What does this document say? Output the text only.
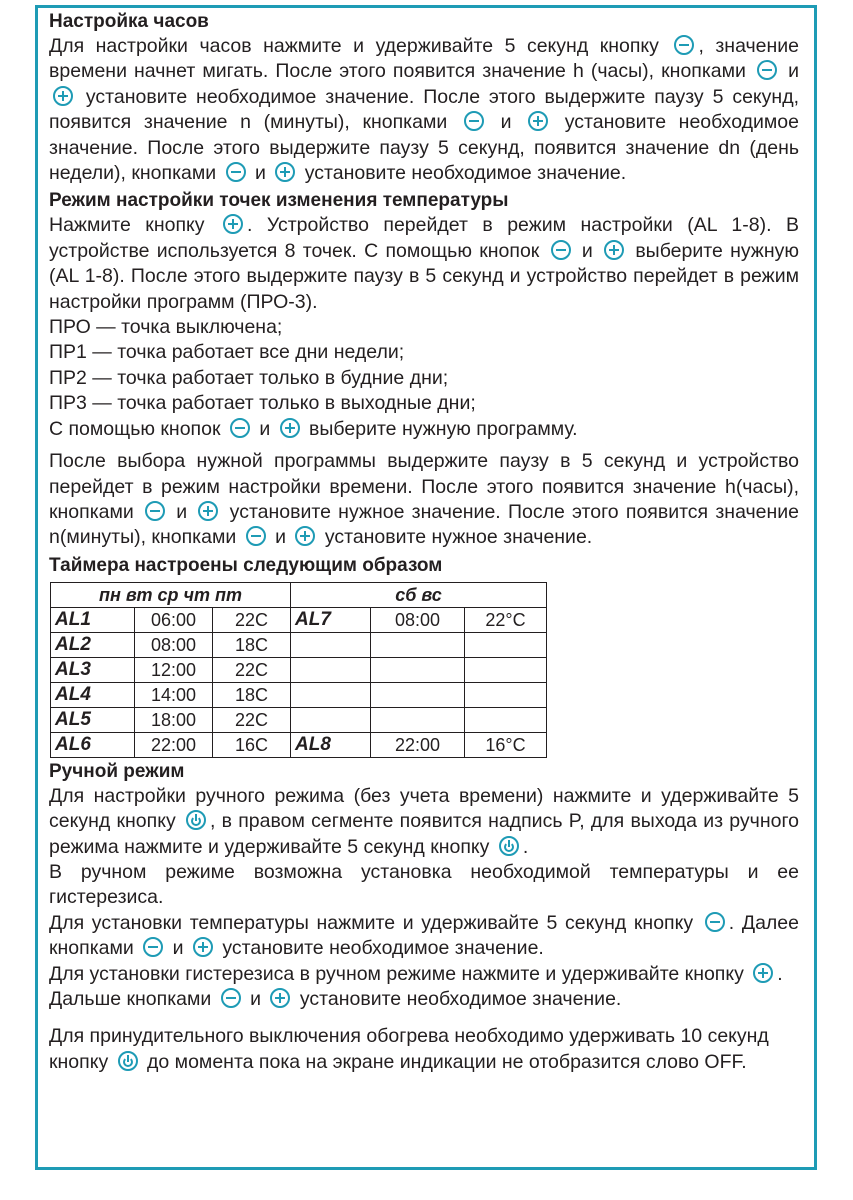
Настройка часов

Для настройки часов нажмите и удерживайте 5 секунд кнопку , значение времени начнет мигать. После этого появится значение h (часы), кнопками  и  установите необходимое значение. После этого выдержите паузу 5 секунд, появится значение n (минуты), кнопками  и  установите необходимое значение. После этого выдержите паузу 5 секунд, появится значение dn (день недели), кнопками  и  установите необходимое значение.

Режим настройки точек изменения температуры

Нажмите кнопку . Устройство перейдет в режим настройки (AL 1-8). В устройстве используется 8 точек. С помощью кнопок  и  выберите нужную (AL 1-8). После этого выдержите паузу в 5 секунд и устройство перейдет в режим настройки программ (ПРО-3).

ПРО — точка выключена;

ПР1 — точка работает все дни недели;

ПР2 — точка работает только в будние дни;

ПР3 — точка работает только в выходные дни;

С помощью кнопок  и  выберите нужную программу.

После выбора нужной программы выдержите паузу в 5 секунд и устройство перейдет в режим настройки времени. После этого появится значение h(часы), кнопками  и  установите нужное значение. После этого появится значение n(минуты), кнопками  и  установите нужное значение.

Таймера настроены следующим образом
пн вт ср чт пт			сб вс		
AL1	06:00	22C	AL7	08:00	22°C
AL2	08:00	18C			
AL3	12:00	22C			
AL4	14:00	18C			
AL5	18:00	22C			
AL6	22:00	16C	AL8	22:00	16°C
Ручной режим

Для настройки ручного режима (без учета времени) нажмите и удерживайте 5 секунд кнопку , в правом сегменте появится надпись P, для выхода из ручного режима нажмите и удерживайте 5 секунд кнопку .

В ручном режиме возможна установка необходимой температуры и ее гистерезиса.

Для установки температуры нажмите и удерживайте 5 секунд кнопку . Далее кнопками  и  установите необходимое значение.

Для установки гистерезиса в ручном режиме нажмите и удерживайте кнопку .

Дальше кнопками  и  установите необходимое значение.

Для принудительного выключения обогрева необходимо удерживать 10 секунд кнопку  до момента пока на экране индикации не отобразится слово OFF.
